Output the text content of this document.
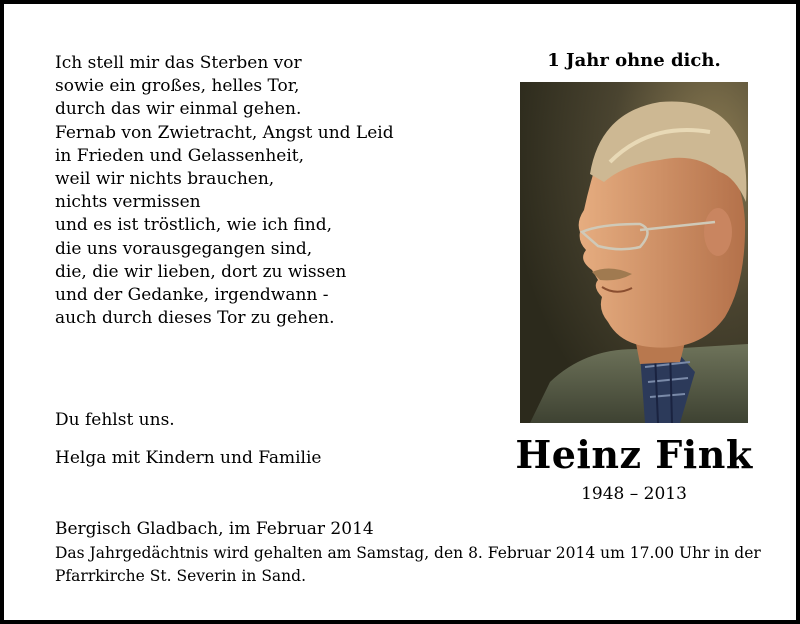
Ich stell mir das Sterben vor
sowie ein großes, helles Tor,
durch das wir einmal gehen.
Fernab von Zwietracht, Angst und Leid
in Frieden und Gelassenheit,
weil wir nichts brauchen,
nichts vermissen
und es ist tröstlich, wie ich find,
die uns vorausgegangen sind,
die, die wir lieben, dort zu wissen
und der Gedanke, irgendwann -
auch durch dieses Tor zu gehen.
Du fehlst uns.
Helga mit Kindern und Familie
1 Jahr ohne dich.
Heinz Fink
1948 – 2013
Bergisch Gladbach, im Februar 2014
Das Jahrgedächtnis wird gehalten am Samstag, den 8. Februar 2014 um 17.00 Uhr in der
Pfarrkirche St. Severin in Sand.
